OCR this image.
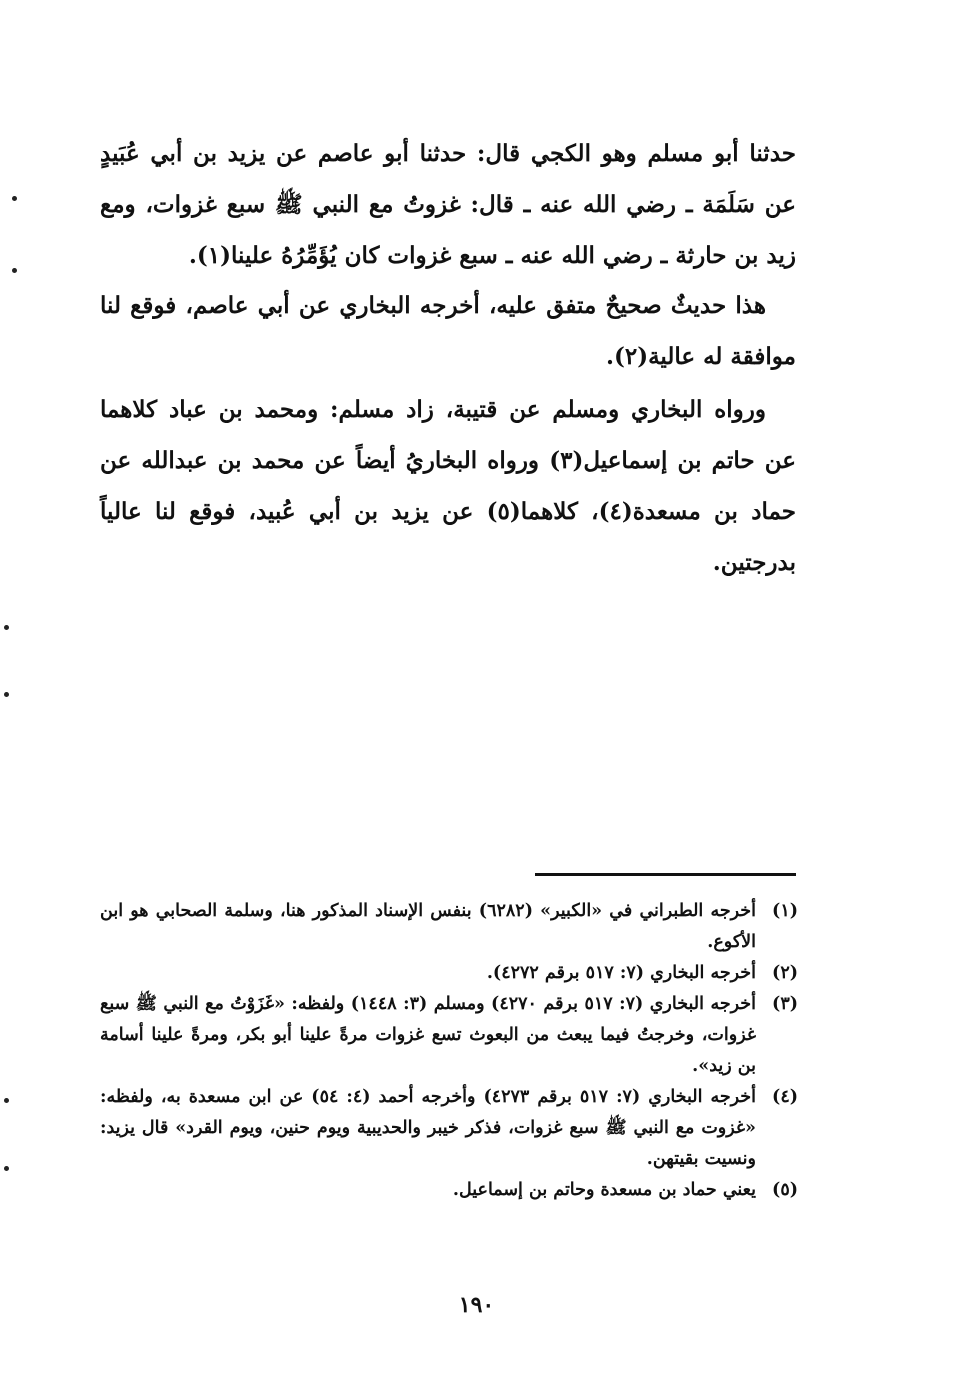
حدثنا أبو مسلم وهو الكجي قال: حدثنا أبو عاصم عن يزيد بن أبي عُبَيدٍ عن سَلَمَة ـ رضي الله عنه ـ قال: غزوتُ مع النبي ﷺ سبع غزوات، ومع زيد بن حارثة ـ رضي الله عنه ـ سبع غزوات كان يُؤَمِّرُهُ علينا(١).

هذا حديثٌ صحيحٌ متفق عليه، أخرجه البخاري عن أبي عاصم، فوقع لنا موافقة له عالية(٢).

ورواه البخاري ومسلم عن قتيبة، زاد مسلم: ومحمد بن عباد كلاهما عن حاتم بن إسماعيل(٣) ورواه البخاريُ أيضاً عن محمد بن عبدالله عن حماد بن مسعدة(٤)، كلاهما(٥) عن يزيد بن أبي عُبيد، فوقع لنا عالياً بدرجتين.

(١)
أخرجه الطبراني في «الكبير» (٦٢٨٢) بنفس الإسناد المذكور هنا، وسلمة الصحابي هو ابن الأكوع.
(٢)
أخرجه البخاري (٧: ٥١٧ برقم ٤٢٧٢).
(٣)
أخرجه البخاري (٧: ٥١٧ برقم ٤٢٧٠) ومسلم (٣: ١٤٤٨) ولفظه: «غَزَوْتُ مع النبي ﷺ سبع غزوات، وخرجتُ فيما يبعث من البعوث تسع غزوات مرةً علينا أبو بكر، ومرةً علينا أسامة بن زيد».
(٤)
أخرجه البخاري (٧: ٥١٧ برقم ٤٢٧٣) وأخرجه أحمد (٤: ٥٤) عن ابن مسعدة به، ولفظه: «غزوت مع النبي ﷺ سبع غزوات، فذكر خيبر والحديبية ويوم حنين، ويوم القرد» قال يزيد: ونسيت بقيتهن.
(٥)
يعني حماد بن مسعدة وحاتم بن إسماعيل.
١٩٠
